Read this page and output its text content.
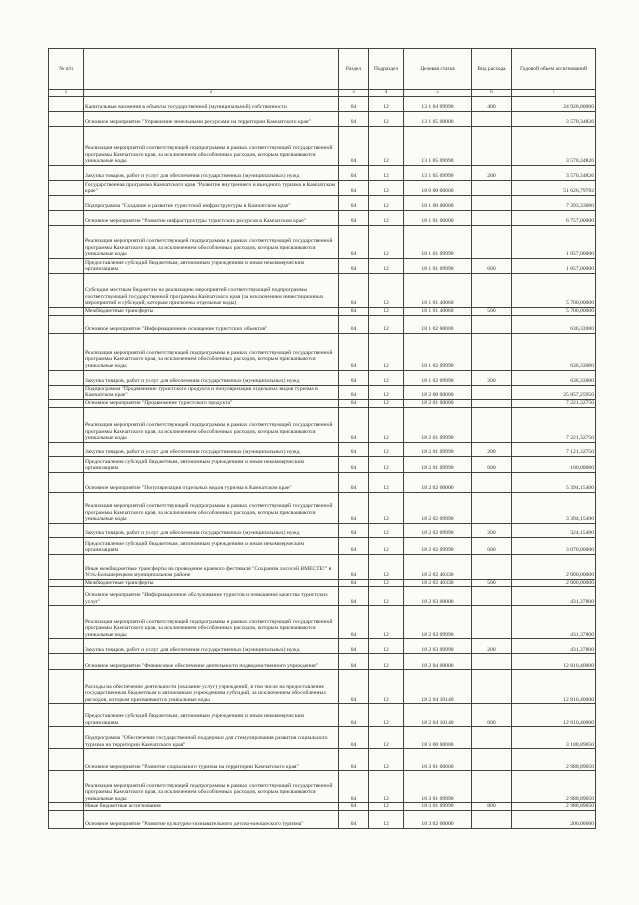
№ п/п		Раздел	Подраздел	Целевая статья	Вид расхода	Годовой объем ассигнований
1	2	3	4	5	6	7
	Капитальные вложения в объекты государственной (муниципальной) собственности	04	12	13 1 04 09990	400	24 928,00000
	Основное мероприятие "Управление земельными ресурсами на территории Камчатского края"	04	12	13 1 05 00000		3 570,34826
	Реализация мероприятий соответствующей подпрограммы в рамках соответствующей государственной программы Камчатского края, за исключением обособленных расходов, которым присваиваются уникальные коды	04	12	13 1 05 09990		3 570,34826
	Закупка товаров, работ и услуг для обеспечения государственных (муниципальных) нужд	04	12	13 1 05 09990	200	3 570,34826
	Государственная программа Камчатского края "Развитие внутреннего и въездного туризма в Камчатском крае"	04	12	18 0 00 00000		51 626,79782
	Подпрограмма "Создание и развитие туристской инфраструктуры в Камчатском крае"	04	12	18 1 00 00000		7 393,33000
	Основное мероприятие "Развитие инфраструктуры туристских ресурсов в Камчатском крае"	04	12	18 1 01 00000		6 757,00000
	Реализация мероприятий соответствующей подпрограммы в рамках соответствующей государственной программы Камчатского края, за исключением обособленных расходов, которым присваиваются уникальные коды	04	12	18 1 01 09990		1 057,00000
	Предоставление субсидий бюджетным, автономным учреждениям и иным некоммерческим организациям	04	12	18 1 01 09990	600	1 057,00000
	Субсидии местным бюджетам на реализацию мероприятий соответствующей подпрограммы соответствующей государственной программы Камчатского края (за исключением инвестиционных мероприятий и субсидий, которым присвоены отдельные коды)	04	12	18 1 01 40060		5 700,00000
	Межбюджетные трансферты	04	12	18 1 01 40060	500	5 700,00000
	Основное мероприятие "Информационное оснащение туристских объектов"	04	12	18 1 02 00000		636,33000
	Реализация мероприятий соответствующей подпрограммы в рамках соответствующей государственной программы Камчатского края, за исключением обособленных расходов, которым присваиваются уникальные коды	04	12	18 1 02 09990		636,33000
	Закупка товаров, работ и услуг для обеспечения государственных (муниципальных) нужд	04	12	18 1 02 09990	200	636,33000
	Подпрограмма "Продвижение туристского продукта и популяризация отдельных видов туризма в Камчатском крае"	04	12	18 2 00 00000		25 857,25950
	Основное мероприятие "Продвижение туристского продукта"	04	12	18 2 01 00000		7 221,32750
	Реализация мероприятий соответствующей подпрограммы в рамках соответствующей государственной программы Камчатского края, за исключением обособленных расходов, которым присваиваются уникальные коды	04	12	18 2 01 09990		7 221,32750
	Закупка товаров, работ и услуг для обеспечения государственных (муниципальных) нужд	04	12	18 2 01 09990	200	7 121,32750
	Предоставление субсидий бюджетным, автономным учреждениям и иным некоммерческим организациям	04	12	18 2 01 09990	600	100,00000
	Основное мероприятие "Популяризация отдельных видов туризма в Камчатском крае"	04	12	18 2 02 00000		5 394,15400
	Реализация мероприятий соответствующей подпрограммы в рамках соответствующей государственной программы Камчатского края, за исключением обособленных расходов, которым присваиваются уникальные коды	04	12	18 2 02 09990		3 394,15400
	Закупка товаров, работ и услуг для обеспечения государственных (муниципальных) нужд	04	12	18 2 02 09990	200	324,15400
	Предоставление субсидий бюджетным, автономным учреждениям и иным некоммерческим организациям	04	12	18 2 02 09990	600	3 070,00000
	Иные межбюджетные трансферты на проведение краевого фестиваля "Сохраним лососей ВМЕСТЕ!" в Усть-Большерецком муниципальном районе	04	12	18 2 02 40330		2 000,00000
	Межбюджетные трансферты	04	12	18 2 02 40330	500	2 000,00000
	Основное мероприятие "Информационное обслуживание туристов и повышение качества туристских услуг"	04	12	18 2 03 00000		431,37800
	Реализация мероприятий соответствующей подпрограммы в рамках соответствующей государственной программы Камчатского края, за исключением обособленных расходов, которым присваиваются уникальные коды	04	12	18 2 03 09990		431,37800
	Закупка товаров, работ и услуг для обеспечения государственных (муниципальных) нужд	04	12	18 2 03 09990	200	431,37800
	Основное мероприятие "Финансовое обеспечение деятельности подведомственного учреждения"	04	12	18 2 04 00000		12 810,40000
	Расходы на обеспечение деятельности (оказание услуг) учреждений, в том числе на предоставление государственным бюджетным и автономным учреждениям субсидий, за исключением обособленных расходов, которым присваиваются уникальные коды	04	12	18 2 04 10140		12 810,40000
	Предоставление субсидий бюджетным, автономным учреждениям и иным некоммерческим организациям	04	12	18 2 04 10140	600	12 810,40000
	Подпрограмма "Обеспечение государственной поддержки для стимулирования развития социального туризма на территории Камчатского края"	04	12	18 3 00 00000		3 188,89050
	Основное мероприятие "Развитие социального туризма на территории Камчатского края"	04	12	18 3 01 00000		2 988,89050
	Реализация мероприятий соответствующей подпрограммы в рамках соответствующей государственной программы Камчатского края, за исключением обособленных расходов, которым присваиваются уникальные коды	04	12	18 3 01 09990		2 988,89050
	Иные бюджетные ассигнования	04	12	18 3 01 09990	800	2 988,89050
	Основное мероприятие "Развитие культурно-познавательного детско-юношеского туризма"	04	12	18 3 02 00000		200,00000
